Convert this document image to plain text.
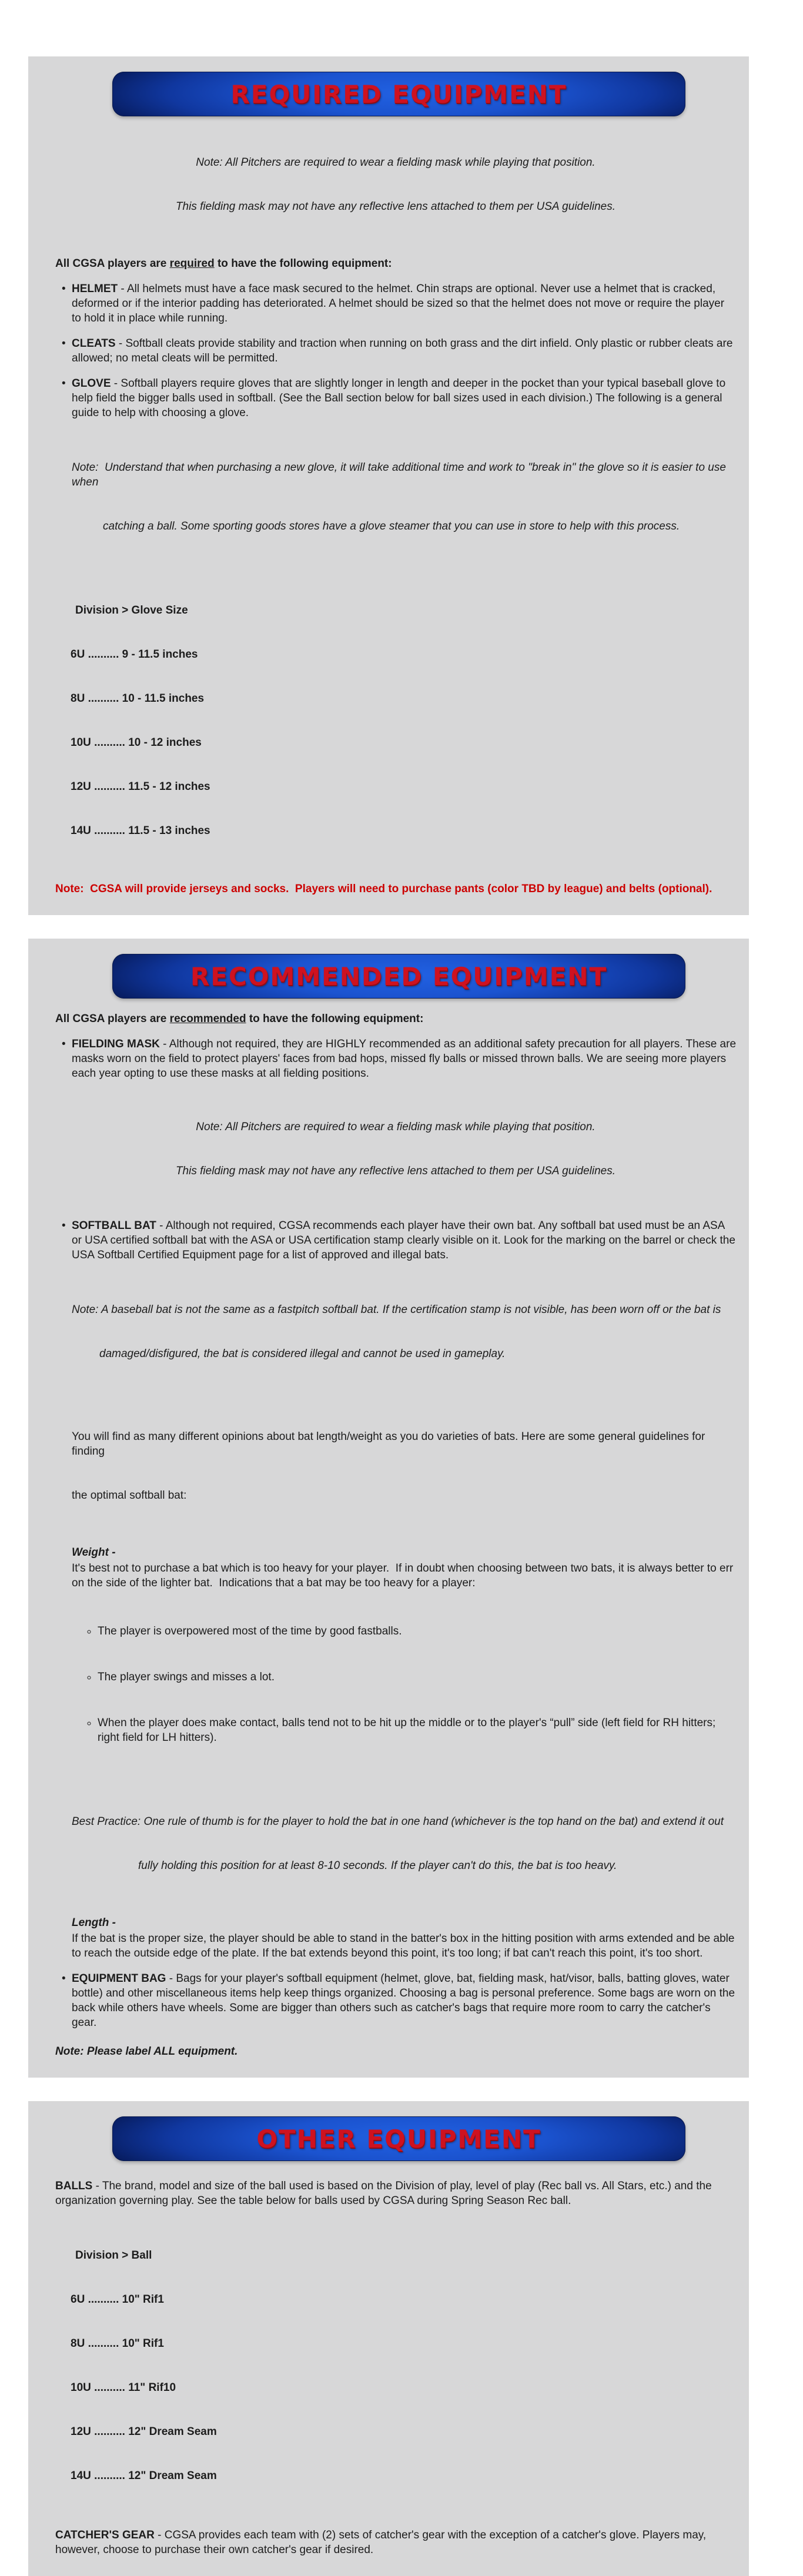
REQUIRED EQUIPMENT

Note: All Pitchers are required to wear a fielding mask while playing that position.

This fielding mask may not have any reflective lens attached to them per USA guidelines.

All CGSA players are required to have the following equipment:

• HELMET - All helmets must have a face mask secured to the helmet. Chin straps are optional. Never use a helmet that is cracked, deformed or if the interior padding has deteriorated. A helmet should be sized so that the helmet does not move or require the player to hold it in place while running.
• CLEATS - Softball cleats provide stability and traction when running on both grass and the dirt infield. Only plastic or rubber cleats are allowed; no metal cleats will be permitted.
• GLOVE - Softball players require gloves that are slightly longer in length and deeper in the pocket than your typical baseball glove to help field the bigger balls used in softball. (See the Ball section below for ball sizes used in each division.) The following is a general guide to help with choosing a glove.

Note:  Understand that when purchasing a new glove, it will take additional time and work to "break in" the glove so it is easier to use when

catching a ball. Some sporting goods stores have a glove steamer that you can use in store to help with this process.

Division > Glove Size

6U .......... 9 - 11.5 inches

8U .......... 10 - 11.5 inches

10U .......... 10 - 12 inches

12U .......... 11.5 - 12 inches

14U .......... 11.5 - 13 inches

Note:  CGSA will provide jerseys and socks.  Players will need to purchase pants (color TBD by league) and belts (optional).

RECOMMENDED EQUIPMENT

All CGSA players are recommended to have the following equipment:

• FIELDING MASK - Although not required, they are HIGHLY recommended as an additional safety precaution for all players. These are masks worn on the field to protect players' faces from bad hops, missed fly balls or missed thrown balls. We are seeing more players each year opting to use these masks at all fielding positions.

Note: All Pitchers are required to wear a fielding mask while playing that position.

This fielding mask may not have any reflective lens attached to them per USA guidelines.

• SOFTBALL BAT - Although not required, CGSA recommends each player have their own bat. Any softball bat used must be an ASA or USA certified softball bat with the ASA or USA certification stamp clearly visible on it. Look for the marking on the barrel or check the USA Softball Certified Equipment page for a list of approved and illegal bats.

Note: A baseball bat is not the same as a fastpitch softball bat. If the certification stamp is not visible, has been worn off or the bat is

damaged/disfigured, the bat is considered illegal and cannot be used in gameplay.

You will find as many different opinions about bat length/weight as you do varieties of bats. Here are some general guidelines for finding

the optimal softball bat:

Weight -
It's best not to purchase a bat which is too heavy for your player.  If in doubt when choosing between two bats, it is always better to err on the side of the lighter bat.  Indications that a bat may be too heavy for a player:

◦ The player is overpowered most of the time by good fastballs.

◦ The player swings and misses a lot.

◦ When the player does make contact, balls tend not to be hit up the middle or to the player's “pull” side (left field for RH hitters; right field for LH hitters).

Best Practice: One rule of thumb is for the player to hold the bat in one hand (whichever is the top hand on the bat) and extend it out

fully holding this position for at least 8-10 seconds. If the player can't do this, the bat is too heavy.

Length -
If the bat is the proper size, the player should be able to stand in the batter's box in the hitting position with arms extended and be able to reach the outside edge of the plate. If the bat extends beyond this point, it's too long; if bat can't reach this point, it's too short.
• EQUIPMENT BAG - Bags for your player's softball equipment (helmet, glove, bat, fielding mask, hat/visor, balls, batting gloves, water bottle) and other miscellaneous items help keep things organized. Choosing a bag is personal preference. Some bags are worn on the back while others have wheels. Some are bigger than others such as catcher's bags that require more room to carry the catcher's gear.

Note: Please label ALL equipment.

OTHER EQUIPMENT

BALLS - The brand, model and size of the ball used is based on the Division of play, level of play (Rec ball vs. All Stars, etc.) and the organization governing play. See the table below for balls used by CGSA during Spring Season Rec ball.

Division > Ball

6U .......... 10" Rif1

8U .......... 10" Rif1

10U .......... 11" Rif10

12U .......... 12" Dream Seam

14U .......... 12" Dream Seam

CATCHER'S GEAR - CGSA provides each team with (2) sets of catcher's gear with the exception of a catcher's glove. Players may, however, choose to purchase their own catcher's gear if desired.
